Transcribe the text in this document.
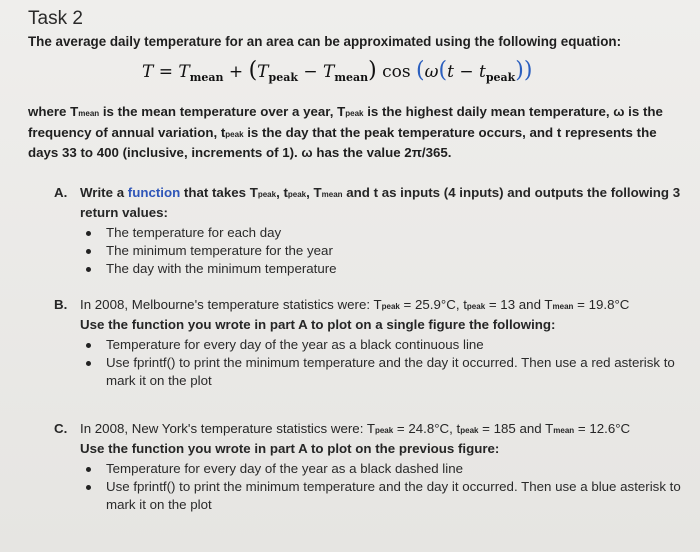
Task 2
The average daily temperature for an area can be approximated using the following equation:
$T = T_{mean} + (T_{peak} - T_{mean})$ $\cos (\omega(t - t_{peak}))$
where Tmean is the mean temperature over a year, Tpeak is the highest daily mean temperature, ω is the frequency of annual variation, tpeak is the day that the peak temperature occurs, and t represents the days 33 to 400 (inclusive, increments of 1). ω has the value 2π/365.
A. Write a function that takes Tpeak, tpeak, Tmean and t as inputs (4 inputs) and outputs the following 3 return values:
The temperature for each day
The minimum temperature for the year
The day with the minimum temperature
B. In 2008, Melbourne's temperature statistics were: Tpeak = 25.9°C, tpeak = 13 and Tmean = 19.8°C
Use the function you wrote in part A to plot on a single figure the following:
Temperature for every day of the year as a black continuous line
Use fprintf() to print the minimum temperature and the day it occurred. Then use a red asterisk to mark it on the plot
C. In 2008, New York's temperature statistics were: Tpeak = 24.8°C, tpeak = 185 and Tmean = 12.6°C
Use the function you wrote in part A to plot on the previous figure:
Temperature for every day of the year as a black dashed line
Use fprintf() to print the minimum temperature and the day it occurred. Then use a blue asterisk to mark it on the plot
